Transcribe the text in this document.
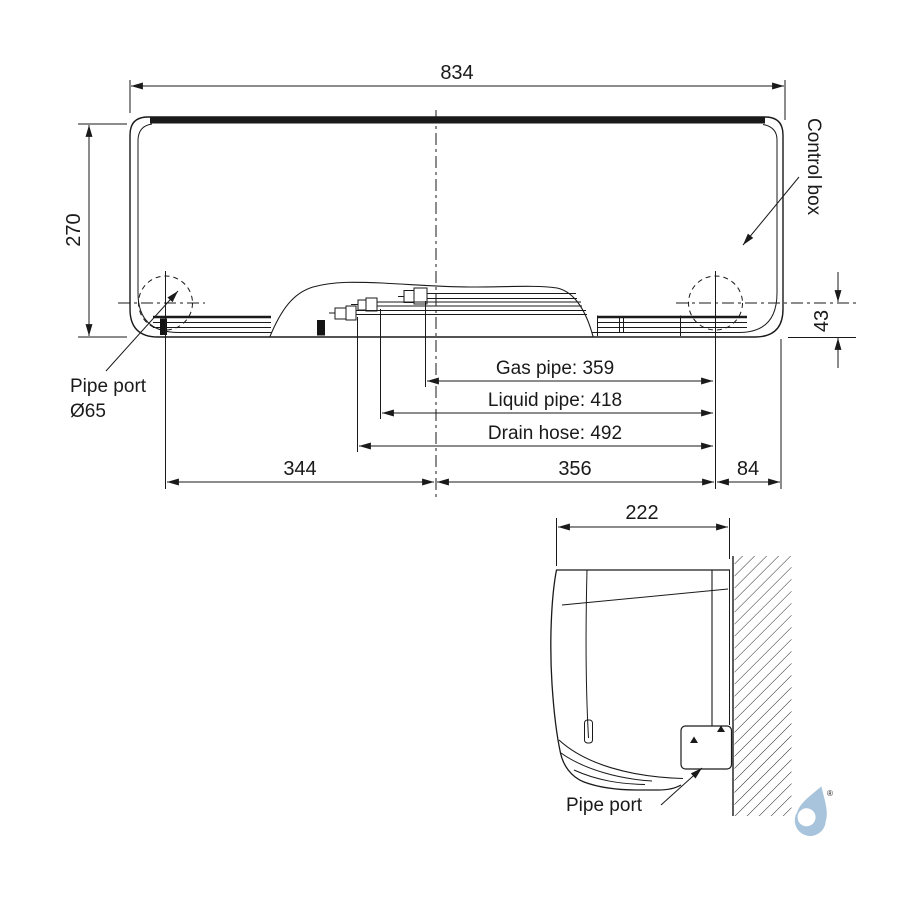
834
270
43
Gas pipe: 359
Liquid pipe: 418
Drain hose: 492
344	356	84
Control box
Pipe port
Ø65
222
Pipe port
®
